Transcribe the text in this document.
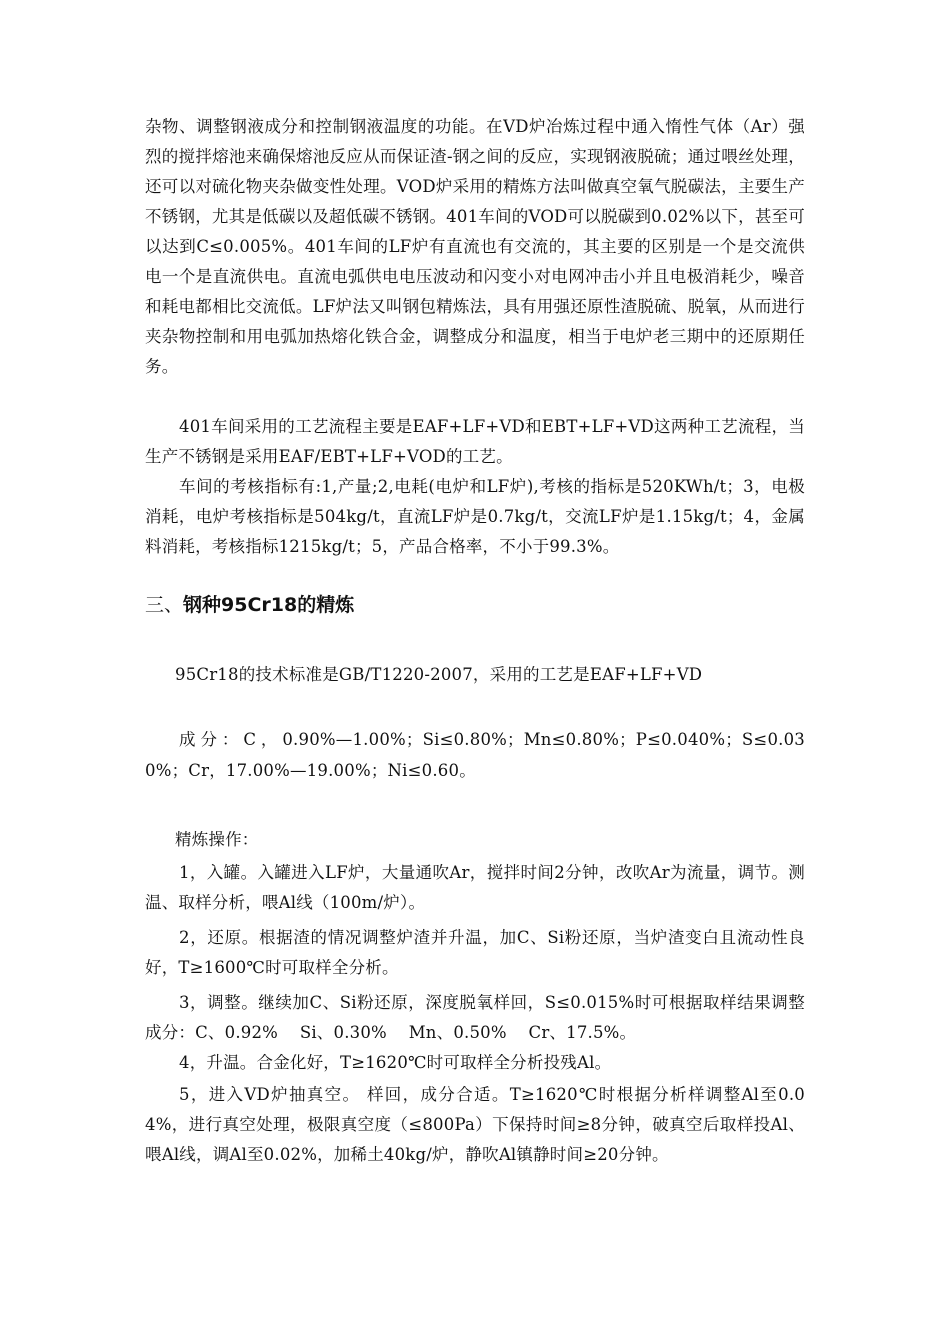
杂物、调整钢液成分和控制钢液温度的功能。在VD炉冶炼过程中通入惰性气体（Ar）强烈的搅拌熔池来确保熔池反应从而保证渣-钢之间的反应，实现钢液脱硫；通过喂丝处理，还可以对硫化物夹杂做变性处理。VOD炉采用的精炼方法叫做真空氧气脱碳法，主要生产不锈钢，尤其是低碳以及超低碳不锈钢。401车间的VOD可以脱碳到0.02%以下，甚至可以达到C≤0.005%。401车间的LF炉有直流也有交流的，其主要的区别是一个是交流供电一个是直流供电。直流电弧供电电压波动和闪变小对电网冲击小并且电极消耗少，噪音和耗电都相比交流低。LF炉法又叫钢包精炼法，具有用强还原性渣脱硫、脱氧，从而进行夹杂物控制和用电弧加热熔化铁合金，调整成分和温度，相当于电炉老三期中的还原期任务。
401车间采用的工艺流程主要是EAF+LF+VD和EBT+LF+VD这两种工艺流程，当生产不锈钢是采用EAF/EBT+LF+VOD的工艺。
车间的考核指标有:1,产量;2,电耗(电炉和LF炉),考核的指标是520KWh/t；3，电极消耗，电炉考核指标是504kg/t，直流LF炉是0.7kg/t，交流LF炉是1.15kg/t；4，金属料消耗，考核指标1215kg/t；5，产品合格率，不小于99.3%。
三、钢种95Cr18的精炼
95Cr18的技术标准是GB/T1220-2007，采用的工艺是EAF+LF+VD
成分：C，0.90%—1.00%；Si≤0.80%；Mn≤0.80%；P≤0.040%；S≤0.030%；Cr，17.00%—19.00%；Ni≤0.60。
精炼操作：
1，入罐。入罐进入LF炉，大量通吹Ar，搅拌时间2分钟，改吹Ar为流量，调节。测温、取样分析，喂Al线（100m/炉）。
2，还原。根据渣的情况调整炉渣并升温，加C、Si粉还原，当炉渣变白且流动性良好，T≥1600℃时可取样全分析。
3，调整。继续加C、Si粉还原，深度脱氧样回，S≤0.015%时可根据取样结果调整成分：C、0.92%    Si、0.30%    Mn、0.50%    Cr、17.5%。
4，升温。合金化好，T≥1620℃时可取样全分析投残Al。
5，进入VD炉抽真空。 样回，成分合适。T≥1620℃时根据分析样调整Al至0.04%，进行真空处理，极限真空度（≤800Pa）下保持时间≥8分钟，破真空后取样投Al、喂Al线，调Al至0.02%，加稀土40kg/炉，静吹Al镇静时间≥20分钟。
